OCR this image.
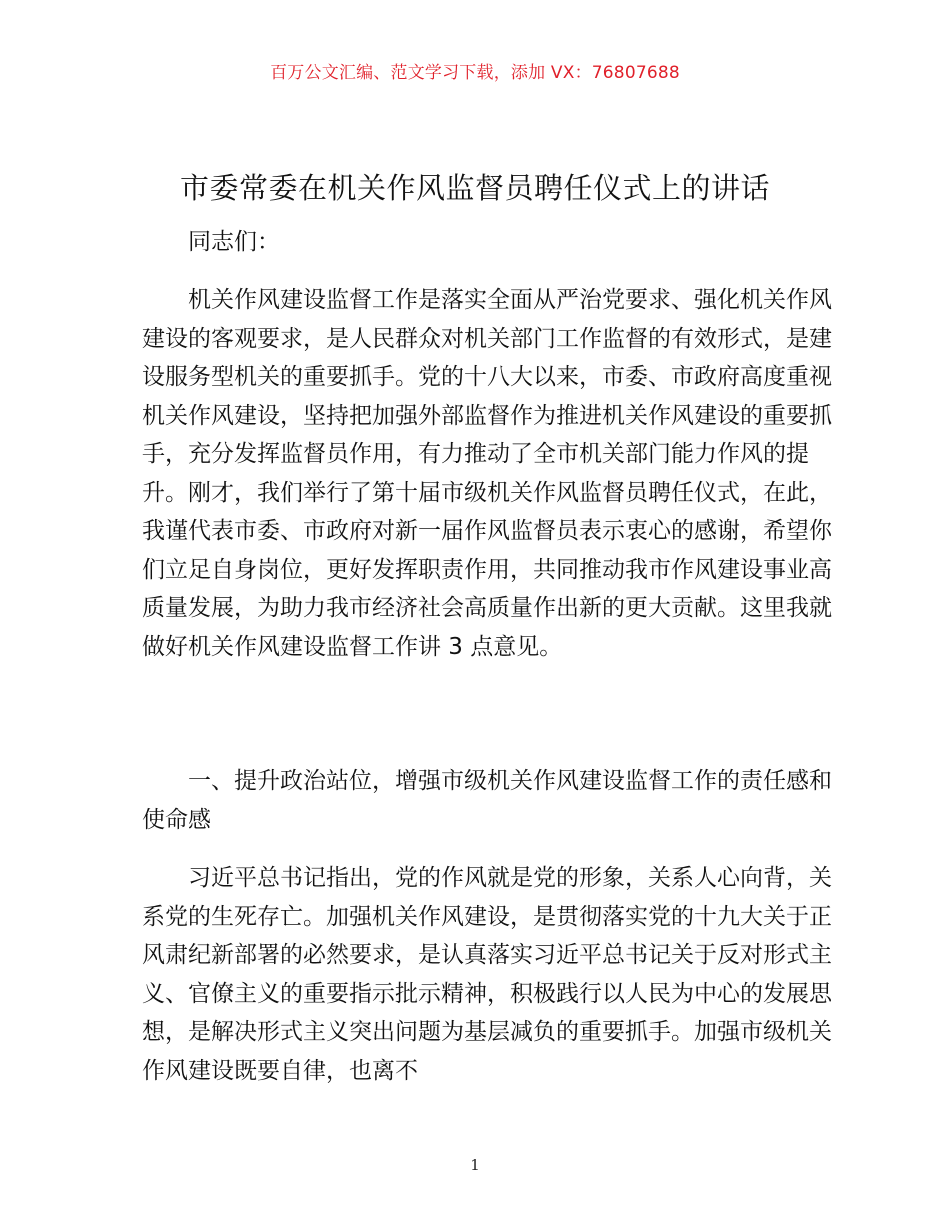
百万公文汇编、范文学习下载，添加 VX：76807688
市委常委在机关作风监督员聘任仪式上的讲话

同志们：

机关作风建设监督工作是落实全面从严治党要求、强化机关作风建设的客观要求，是人民群众对机关部门工作监督的有效形式，是建设服务型机关的重要抓手。党的十八大以来，市委、市政府高度重视机关作风建设，坚持把加强外部监督作为推进机关作风建设的重要抓手，充分发挥监督员作用，有力推动了全市机关部门能力作风的提升。刚才，我们举行了第十届市级机关作风监督员聘任仪式，在此，我谨代表市委、市政府对新一届作风监督员表示衷心的感谢，希望你们立足自身岗位，更好发挥职责作用，共同推动我市作风建设事业高质量发展，为助力我市经济社会高质量作出新的更大贡献。这里我就做好机关作风建设监督工作讲 3 点意见。

一、提升政治站位，增强市级机关作风建设监督工作的责任感和使命感

习近平总书记指出，党的作风就是党的形象，关系人心向背，关系党的生死存亡。加强机关作风建设，是贯彻落实党的十九大关于正风肃纪新部署的必然要求，是认真落实习近平总书记关于反对形式主义、官僚主义的重要指示批示精神，积极践行以人民为中心的发展思想，是解决形式主义突出问题为基层减负的重要抓手。加强市级机关作风建设既要自律，也离不

1
